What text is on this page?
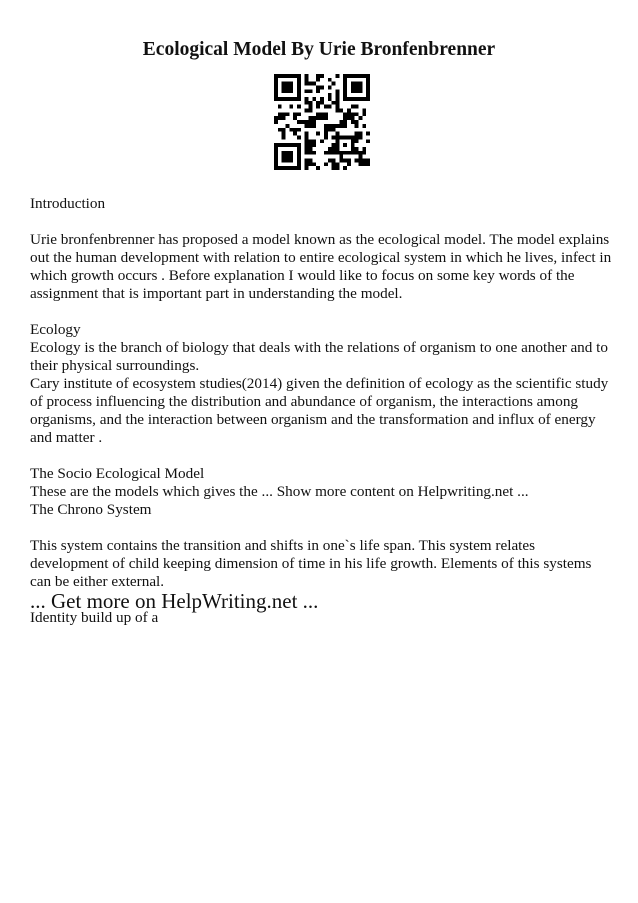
Ecological Model By Urie Bronfenbrenner

Introduction

Urie bronfenbrenner has proposed a model known as the ecological model. The model explains out the human development with relation to entire ecological system in which he lives, infect in which growth occurs . Before explanation I would like to focus on some key words of the assignment that is important part in understanding the model.

Ecology

Ecology is the branch of biology that deals with the relations of organism to one another and to their physical surroundings.

Cary institute of ecosystem studies(2014) given the definition of ecology as the scientific study of process influencing the distribution and abundance of organism, the interactions among organisms, and the interaction between organism and the transformation and influx of energy and matter .

The Socio Ecological Model

These are the models which gives the ... Show more content on Helpwriting.net ...

The Chrono System

This system contains the transition and shifts in one`s life span. This system relates development of child keeping dimension of time in his life growth. Elements of this systems can be either external.

Identity build up of a

... Get more on HelpWriting.net ...
